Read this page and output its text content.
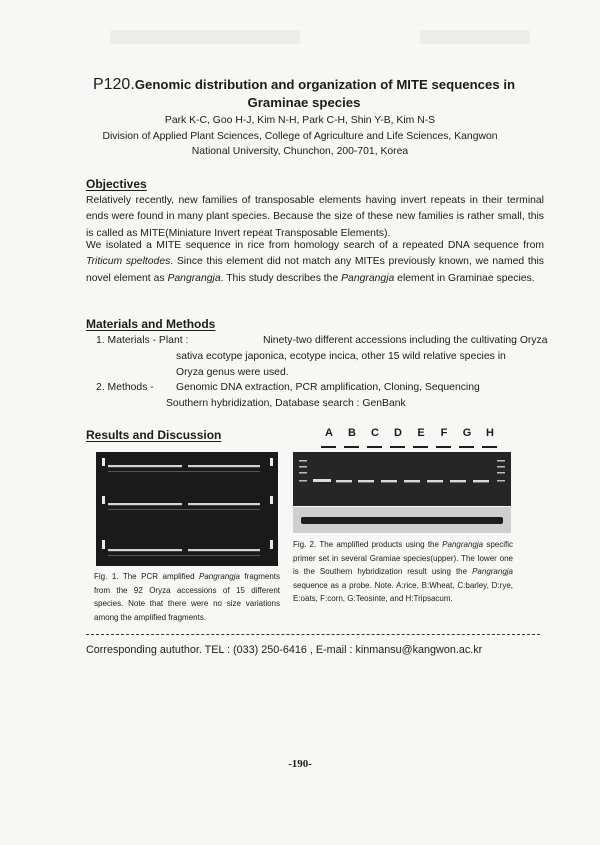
P120.Genomic distribution and organization of MITE sequences in
Graminae species
Park K-C, Goo H-J, Kim N-H, Park C-H, Shin Y-B, Kim N-S
Division of Applied Plant Sciences, College of Agriculture and Life Sciences, Kangwon
National University, Chunchon, 200-701, Korea
Objectives
Relatively recently, new families of transposable elements having invert repeats in their terminal ends were found in many plant species. Because the size of these new families is rather small, this is called as MITE(Miniature Invert repeat Transposable Elements).
We isolated a MITE sequence in rice from homology search of a repeated DNA sequence from Triticum speltodes. Since this element did not match any MITEs previously known, we named this novel element as Pangrangja. This study describes the Pangrangja element in Graminae species.
Materials and Methods
1. Materials - Plant :	Ninety-two different accessions including the cultivating Oryza
sativa ecotype japonica, ecotype incica, other 15 wild relative species in
Oryza genus were used.
2. Methods - Genomic DNA extraction, PCR amplification, Cloning, Sequencing
Southern hybridization, Database search : GenBank
Results and Discussion	A	B	C	D	E	F	G	H
Fig. 1. The PCR amplified Pangrangja fragments from the 92 Oryza accessions of 15 different species. Note that there were no size variations among the amplified fragments.
Fig. 2. The amplified products using the Pangrangja specific primer set in several Gramiae species(upper). The lower one is the Southern hybridization result using the Pangrangja sequence as a probe. Note. A:rice, B:Wheat, C:barley, D:rye, E:oats, F:corn, G:Teosinte, and H:Tripsacum.
Corresponding aututhor. TEL : (033) 250-6416 , E-mail : kinmansu@kangwon.ac.kr
-190-
